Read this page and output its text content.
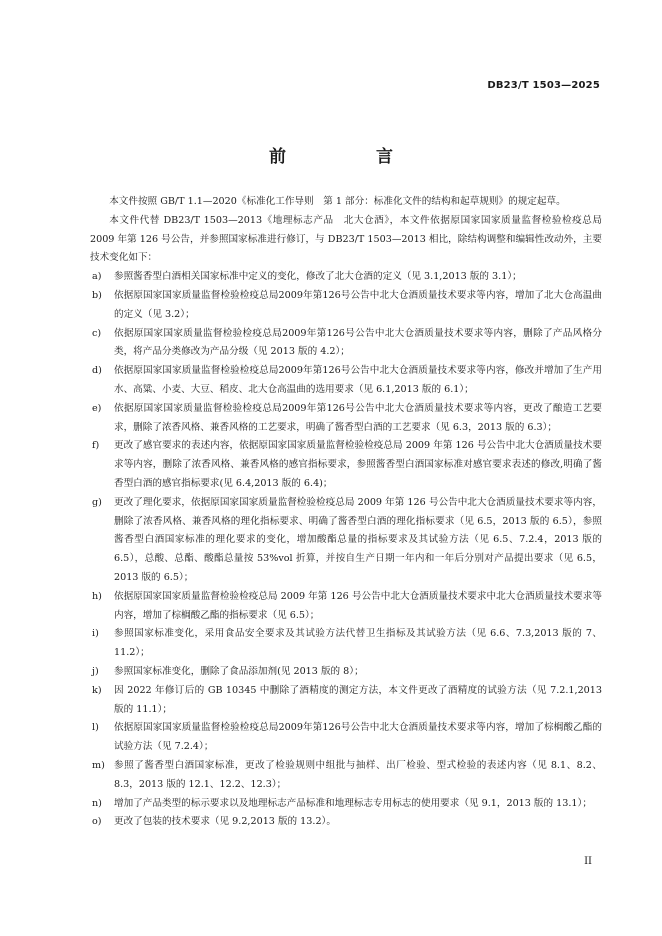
DB23/T 1503—2025
前 言

本文件按照 GB/T 1.1—2020《标准化工作导则　第 1 部分：标准化文件的结构和起草规则》的规定起草。

本文件代替 DB23/T 1503—2013《地理标志产品　北大仓酒》，本文件依据原国家国家质量监督检验检疫总局 2009 年第 126 号公告，并参照国家标准进行修订，与 DB23/T 1503—2013 相比，除结构调整和编辑性改动外，主要技术变化如下：

a)	参照酱香型白酒相关国家标准中定义的变化，修改了北大仓酒的定义（见 3.1,2013 版的 3.1）；
b)	依据原国家国家质量监督检验检疫总局2009年第126号公告中北大仓酒质量技术要求等内容，增加了北大仓高温曲的定义（见 3.2）；
c)	依据原国家国家质量监督检验检疫总局2009年第126号公告中北大仓酒质量技术要求等内容，删除了产品风格分类，将产品分类修改为产品分级（见 2013 版的 4.2）；
d)	依据原国家国家质量监督检验检疫总局2009年第126号公告中北大仓酒质量技术要求等内容，修改并增加了生产用水、高粱、小麦、大豆、稻皮、北大仓高温曲的选用要求（见 6.1,2013 版的 6.1）；
e)	依据原国家国家质量监督检验检疫总局2009年第126号公告中北大仓酒质量技术要求等内容，更改了酿造工艺要求，删除了浓香风格、兼香风格的工艺要求，明确了酱香型白酒的工艺要求（见 6.3，2013 版的 6.3）；
f)	更改了感官要求的表述内容，依据原国家国家质量监督检验检疫总局 2009 年第 126 号公告中北大仓酒质量技术要求等内容，删除了浓香风格、兼香风格的感官指标要求，参照酱香型白酒国家标准对感官要求表述的修改,明确了酱香型白酒的感官指标要求(见 6.4,2013 版的 6.4)；
g)	更改了理化要求，依据原国家国家质量监督检验检疫总局 2009 年第 126 号公告中北大仓酒质量技术要求等内容，删除了浓香风格、兼香风格的理化指标要求、明确了酱香型白酒的理化指标要求（见 6.5，2013 版的 6.5），参照酱香型白酒国家标准的理化要求的变化，增加酸酯总量的指标要求及其试验方法（见 6.5、7.2.4，2013 版的 6.5），总酸、总酯、酸酯总量按 53%vol 折算，并按自生产日期一年内和一年后分别对产品提出要求（见 6.5，2013 版的 6.5）；
h)	依据原国家国家质量监督检验检疫总局 2009 年第 126 号公告中北大仓酒质量技术要求中北大仓酒质量技术要求等内容，增加了棕榈酸乙酯的指标要求（见 6.5）；
i)	参照国家标准变化，采用食品安全要求及其试验方法代替卫生指标及其试验方法（见 6.6、7.3,2013 版的 7、11.2）；
j)	参照国家标准变化，删除了食品添加剂(见 2013 版的 8）；
k)	因 2022 年修订后的 GB 10345 中删除了酒精度的测定方法，本文件更改了酒精度的试验方法（见 7.2.1,2013 版的 11.1）；
l)	依据原国家国家质量监督检验检疫总局2009年第126号公告中北大仓酒质量技术要求等内容，增加了棕榈酸乙酯的试验方法（见 7.2.4）；
m) 参照了酱香型白酒国家标准，更改了检验规则中组批与抽样、出厂检验、型式检验的表述内容（见 8.1、8.2、8.3，2013 版的 12.1、12.2、12.3）；
n)	增加了产品类型的标示要求以及地理标志产品标准和地理标志专用标志的使用要求（见 9.1，2013 版的 13.1）；
o)	更改了包装的技术要求（见 9.2,2013 版的 13.2）。
II
